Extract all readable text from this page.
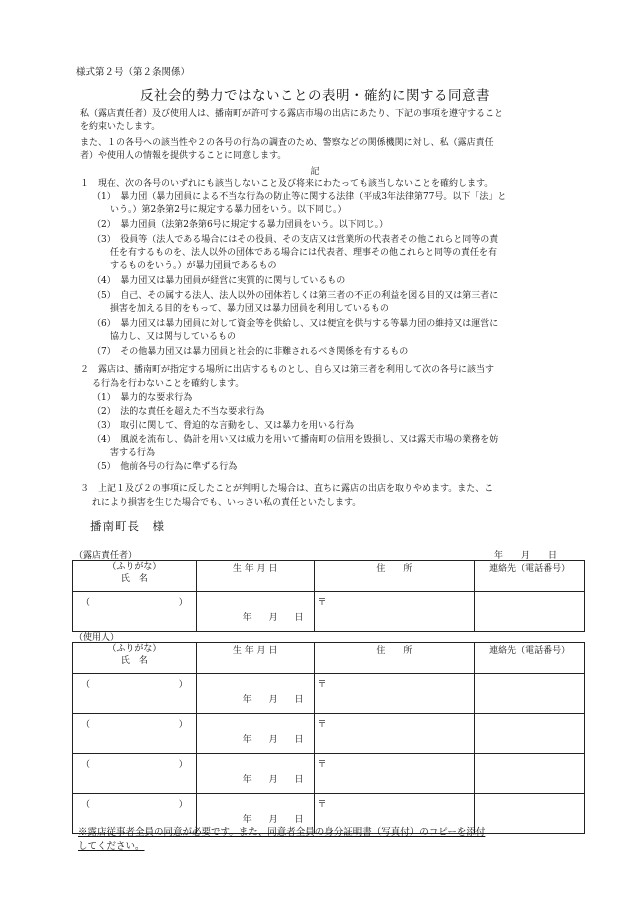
様式第２号（第２条関係）
反社会的勢力ではないことの表明・確約に関する同意書
私（露店責任者）及び使用人は、播南町が許可する露店市場の出店にあたり、下記の事項を遵守すること
を約束いたします。
また、１の各号への該当性や２の各号の行為の調査のため、警察などの関係機関に対し、私（露店責任
者）や使用人の情報を提供することに同意します。
記
１　現在、次の各号のいずれにも該当しないこと及び将来にわたっても該当しないことを確約します。
（1）　暴力団（暴力団員による不当な行為の防止等に関する法律（平成3年法律第77号。以下「法」と
いう。）第2条第2号に規定する暴力団をいう。以下同じ。）
（2）　暴力団員（法第2条第6号に規定する暴力団員をいう。以下同じ。）
（3）　役員等（法人である場合にはその役員、その支店又は営業所の代表者その他これらと同等の責
任を有するものを、法人以外の団体である場合には代表者、理事その他これらと同等の責任を有
するものをいう。）が暴力団員であるもの
（4）　暴力団又は暴力団員が経営に実質的に関与しているもの
（5）　自己、その属する法人、法人以外の団体若しくは第三者の不正の利益を図る目的又は第三者に
損害を加える目的をもって、暴力団又は暴力団員を利用しているもの
（6）　暴力団又は暴力団員に対して資金等を供給し、又は便宜を供与する等暴力団の維持又は運営に
協力し、又は関与しているもの
（7）　その他暴力団又は暴力団員と社会的に非難されるべき関係を有するもの
２　露店は、播南町が指定する場所に出店するものとし、自ら又は第三者を利用して次の各号に該当す
る行為を行わないことを確約します。
（1）　暴力的な要求行為
（2）　法的な責任を超えた不当な要求行為
（3）　取引に関して、脅迫的な言動をし、又は暴力を用いる行為
（4）　風説を流布し、偽計を用い又は威力を用いて播南町の信用を毀損し、又は露天市場の業務を妨
害する行為
（5）　他前各号の行為に準ずる行為
３　上記１及び２の事項に反したことが判明した場合は、直ちに露店の出店を取りやめます。また、こ
れにより損害を生じた場合でも、いっさい私の責任といたします。
播南町長　様
（露店責任者）	年　　月　　日
（ふりがな）
氏　名	生 年 月 日	住　　所	連絡先（電話番号）

（ ）	年 月 日	〒	

（使用人）
（ふりがな）
氏　名	生 年 月 日	住　　所	連絡先（電話番号）

（ ）	年 月 日	〒	

（ ）	年 月 日	〒	

（ ）	年 月 日	〒	

（ ）	年 月 日	〒	

※露店従事者全員の同意が必要です。また、同意者全員の身分証明書（写真付）のコピーを添付
してください。
